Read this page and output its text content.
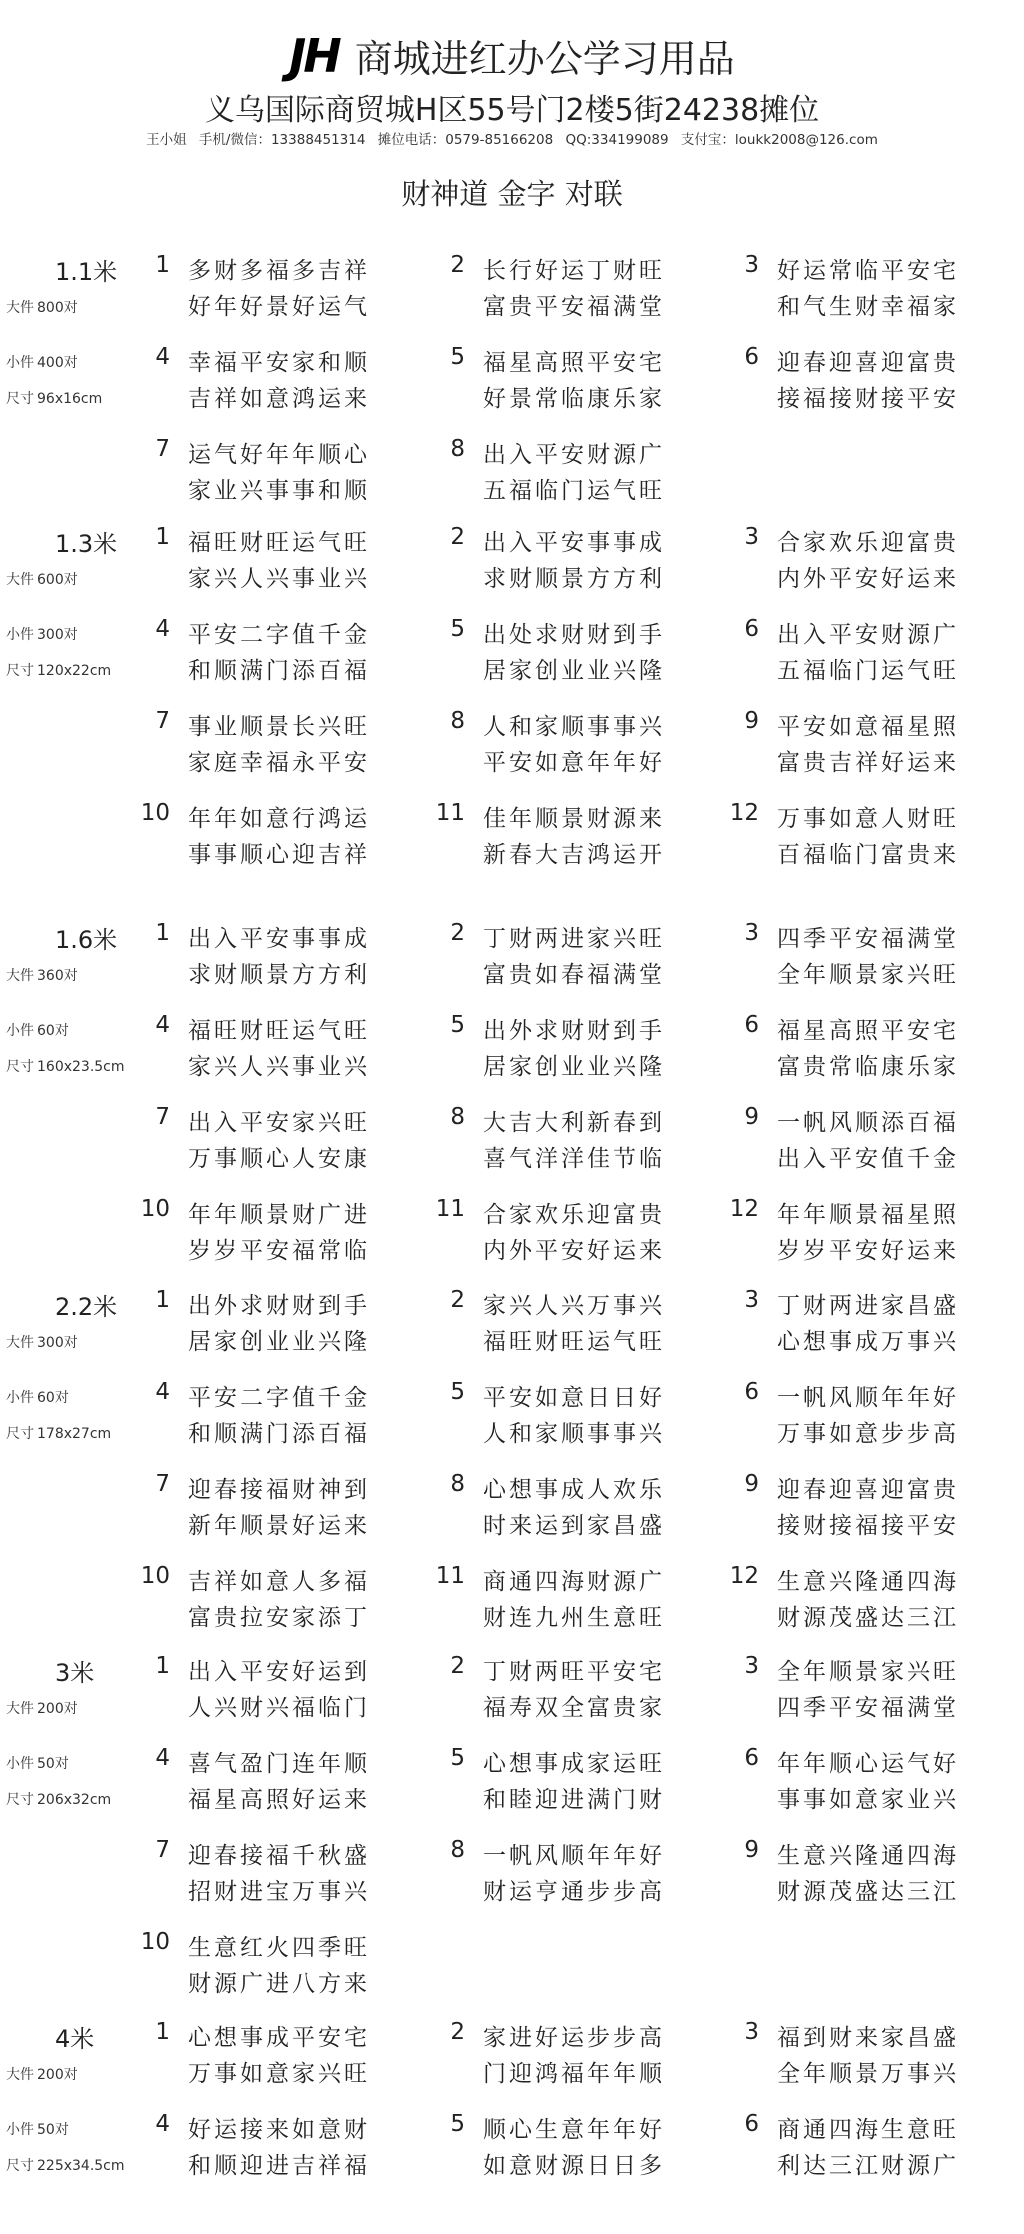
JH 商城进红办公学习用品
义乌国际商贸城H区55号门2楼5街24238摊位
王小姐 手机/微信：13388451314 摊位电话：0579-85166208 QQ:334199089 支付宝：loukk2008@126.com
财神道 金字 对联
1.1米
大件 800对
小件 400对
尺寸 96x16cm
1 多财多福多吉祥
好年好景好运气
2 长行好运丁财旺
富贵平安福满堂
3 好运常临平安宅
和气生财幸福家
4 幸福平安家和顺
吉祥如意鸿运来
5 福星高照平安宅
好景常临康乐家
6 迎春迎喜迎富贵
接福接财接平安
7 运气好年年顺心
家业兴事事和顺
8 出入平安财源广
五福临门运气旺
1.3米
大件 600对
小件 300对
尺寸 120x22cm
1 福旺财旺运气旺
家兴人兴事业兴
2 出入平安事事成
求财顺景方方利
3 合家欢乐迎富贵
内外平安好运来
4 平安二字值千金
和顺满门添百福
5 出处求财财到手
居家创业业兴隆
6 出入平安财源广
五福临门运气旺
7 事业顺景长兴旺
家庭幸福永平安
8 人和家顺事事兴
平安如意年年好
9 平安如意福星照
富贵吉祥好运来
10 年年如意行鸿运
事事顺心迎吉祥
11 佳年顺景财源来
新春大吉鸿运开
12 万事如意人财旺
百福临门富贵来
1.6米
大件 360对
小件 60对
尺寸 160x23.5cm
1 出入平安事事成
求财顺景方方利
2 丁财两进家兴旺
富贵如春福满堂
3 四季平安福满堂
全年顺景家兴旺
4 福旺财旺运气旺
家兴人兴事业兴
5 出外求财财到手
居家创业业兴隆
6 福星高照平安宅
富贵常临康乐家
7 出入平安家兴旺
万事顺心人安康
8 大吉大利新春到
喜气洋洋佳节临
9 一帆风顺添百福
出入平安值千金
10 年年顺景财广进
岁岁平安福常临
11 合家欢乐迎富贵
内外平安好运来
12 年年顺景福星照
岁岁平安好运来
2.2米
大件 300对
小件 60对
尺寸 178x27cm
1 出外求财财到手
居家创业业兴隆
2 家兴人兴万事兴
福旺财旺运气旺
3 丁财两进家昌盛
心想事成万事兴
4 平安二字值千金
和顺满门添百福
5 平安如意日日好
人和家顺事事兴
6 一帆风顺年年好
万事如意步步高
7 迎春接福财神到
新年顺景好运来
8 心想事成人欢乐
时来运到家昌盛
9 迎春迎喜迎富贵
接财接福接平安
10 吉祥如意人多福
富贵拉安家添丁
11 商通四海财源广
财连九州生意旺
12 生意兴隆通四海
财源茂盛达三江
3米
大件 200对
小件 50对
尺寸 206x32cm
1 出入平安好运到
人兴财兴福临门
2 丁财两旺平安宅
福寿双全富贵家
3 全年顺景家兴旺
四季平安福满堂
4 喜气盈门连年顺
福星高照好运来
5 心想事成家运旺
和睦迎进满门财
6 年年顺心运气好
事事如意家业兴
7 迎春接福千秋盛
招财进宝万事兴
8 一帆风顺年年好
财运亨通步步高
9 生意兴隆通四海
财源茂盛达三江
10 生意红火四季旺
财源广进八方来
4米
大件 200对
小件 50对
尺寸 225x34.5cm
1 心想事成平安宅
万事如意家兴旺
2 家进好运步步高
门迎鸿福年年顺
3 福到财来家昌盛
全年顺景万事兴
4 好运接来如意财
和顺迎进吉祥福
5 顺心生意年年好
如意财源日日多
6 商通四海生意旺
利达三江财源广
